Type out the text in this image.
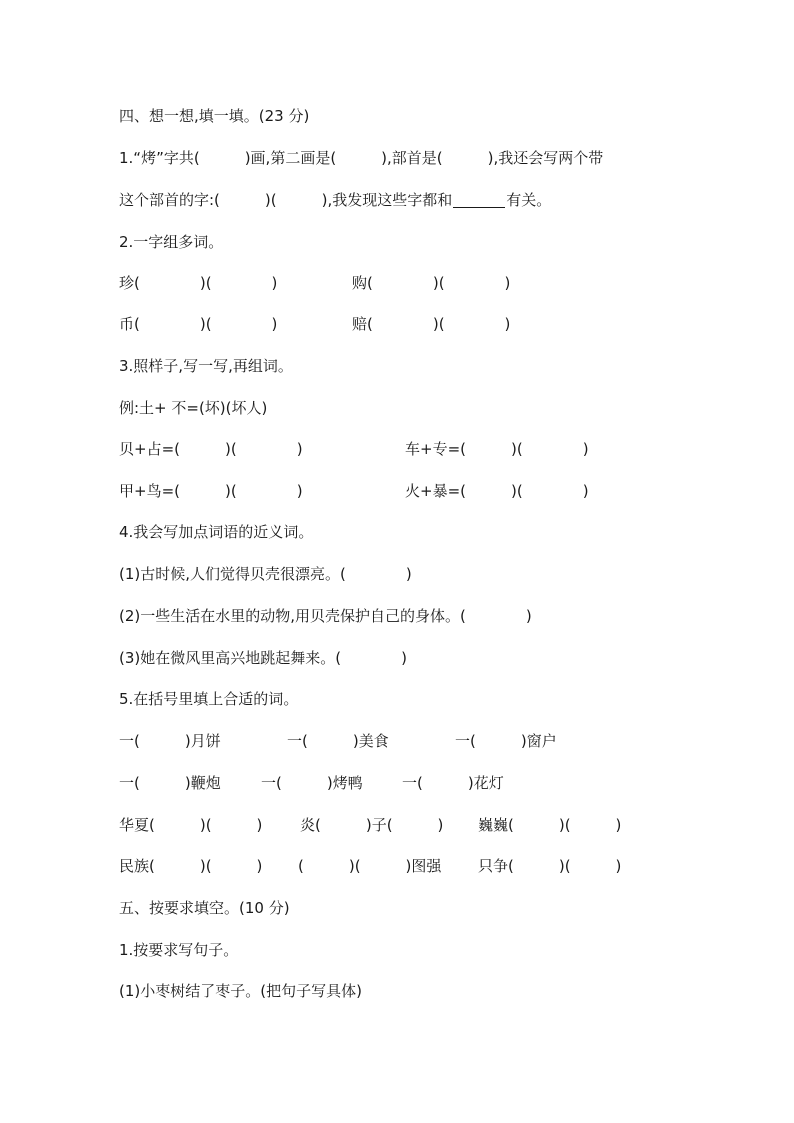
四、想一想,填一填。(23 分)
1.“烤”字共(　　　)画,第二画是(　　　),部首是(　　　),我还会写两个带
这个部首的字:(　　　)(　　　),我发现这些字都和	有关。
2.一字组多词。
珍(　　　　)(　　　　)	购(　　　　)(　　　　)
币(　　　　)(　　　　)	赔(　　　　)(　　　　)
3.照样子,写一写,再组词。
例:土+ 不=(坏)(坏人)
贝+占=(　　　)(　　　　)	车+专=(　　　)(　　　　)
甲+鸟=(　　　)(　　　　)	火+暴=(　　　)(　　　　)
4.我会写加点词语的近义词。
(1)古时候,人们觉得贝壳很漂亮。(　　　　)
(2)一些生活在水里的动物,用贝壳保护自己的身体。(　　　　)
(3)她在微风里高兴地跳起舞来。(　　　　)
5.在括号里填上合适的词。
一(　　　)月饼	一(　　　)美食	一(　　　)窗户
一(　　　)鞭炮	一(　　　)烤鸭	一(　　　)花灯
华夏(　　　)(　　　)	炎(　　　)子(　　　) 巍巍(　　　)(　　　)
民族(　　　)(　　　) (　　　)(　　　)图强 只争(　　　)(　　　)
五、按要求填空。(10 分)
1.按要求写句子。
(1)小枣树结了枣子。(把句子写具体)
